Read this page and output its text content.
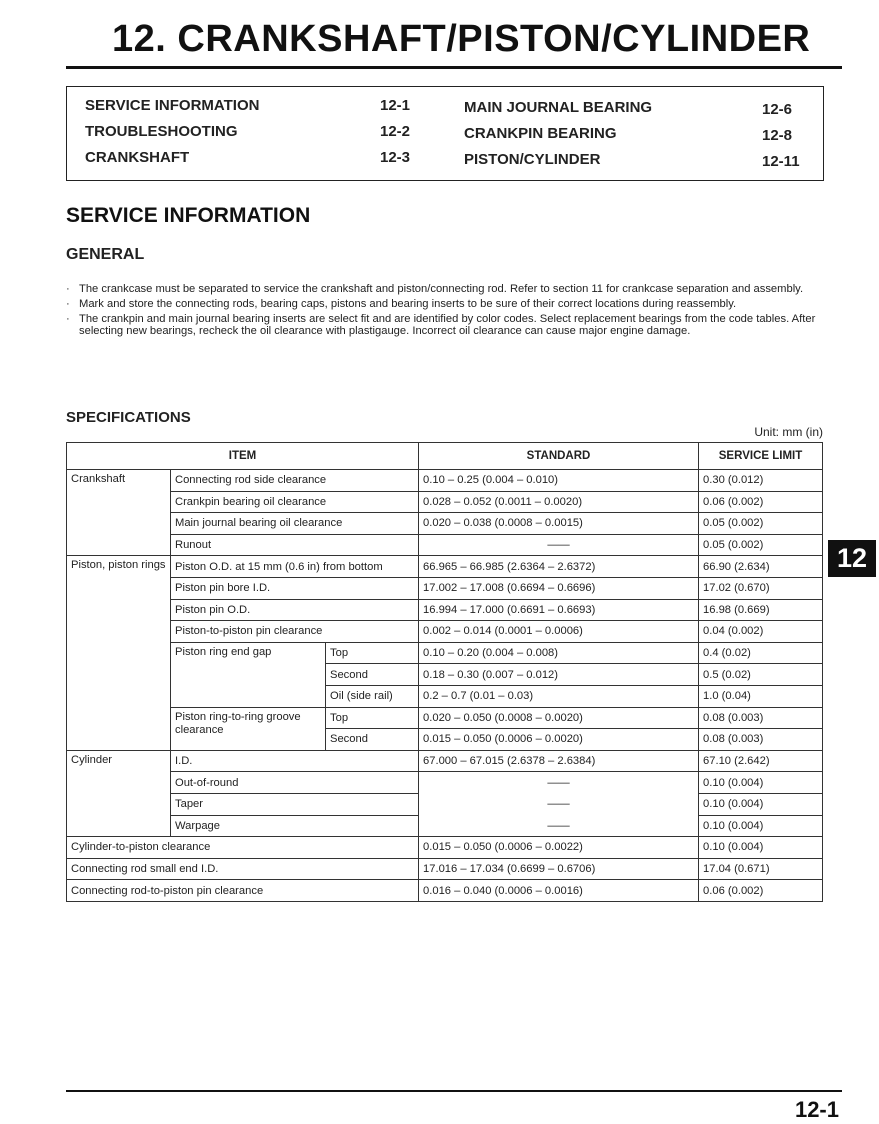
12. CRANKSHAFT/PISTON/CYLINDER
SERVICE INFORMATION	12-1
TROUBLESHOOTING	12-2
CRANKSHAFT	12-3
MAIN JOURNAL BEARING	12-6
CRANKPIN BEARING	12-8
PISTON/CYLINDER	12-11
SERVICE INFORMATION
GENERAL
· The crankcase must be separated to service the crankshaft and piston/connecting rod. Refer to section 11 for crankcase separation and assembly.
· Mark and store the connecting rods, bearing caps, pistons and bearing inserts to be sure of their correct locations during reassembly.
· The crankpin and main journal bearing inserts are select fit and are identified by color codes. Select replacement bearings from the code tables. After selecting new bearings, recheck the oil clearance with plastigauge. Incorrect oil clearance can cause major engine damage.
SPECIFICATIONS
Unit: mm (in)
ITEM			STANDARD	SERVICE LIMIT
Crankshaft	Connecting rod side clearance		0.10 – 0.25 (0.004 – 0.010)	0.30 (0.012)
	Crankpin bearing oil clearance		0.028 – 0.052 (0.0011 – 0.0020)	0.06 (0.002)
	Main journal bearing oil clearance		0.020 – 0.038 (0.0008 – 0.0015)	0.05 (0.002)
	Runout		——	0.05 (0.002)
Piston, piston rings	Piston O.D. at 15 mm (0.6 in) from bottom		66.965 – 66.985 (2.6364 – 2.6372)	66.90 (2.634)
	Piston pin bore I.D.		17.002 – 17.008 (0.6694 – 0.6696)	17.02 (0.670)
	Piston pin O.D.		16.994 – 17.000 (0.6691 – 0.6693)	16.98 (0.669)
	Piston-to-piston pin clearance		0.002 – 0.014 (0.0001 – 0.0006)	0.04 (0.002)
	Piston ring end gap	Top	0.10 – 0.20 (0.004 – 0.008)	0.4 (0.02)
		Second	0.18 – 0.30 (0.007 – 0.012)	0.5 (0.02)
		Oil (side rail)	0.2 – 0.7 (0.01 – 0.03)	1.0 (0.04)
	Piston ring-to-ring groove clearance	Top	0.020 – 0.050 (0.0008 – 0.0020)	0.08 (0.003)
		Second	0.015 – 0.050 (0.0006 – 0.0020)	0.08 (0.003)
Cylinder	I.D.		67.000 – 67.015 (2.6378 – 2.6384)	67.10 (2.642)
	Out-of-round		——	0.10 (0.004)
	Taper		——	0.10 (0.004)
	Warpage		——	0.10 (0.004)
Cylinder-to-piston clearance			0.015 – 0.050 (0.0006 – 0.0022)	0.10 (0.004)
Connecting rod small end I.D.			17.016 – 17.034 (0.6699 – 0.6706)	17.04 (0.671)
Connecting rod-to-piston pin clearance			0.016 – 0.040 (0.0006 – 0.0016)	0.06 (0.002)
12
12-1
